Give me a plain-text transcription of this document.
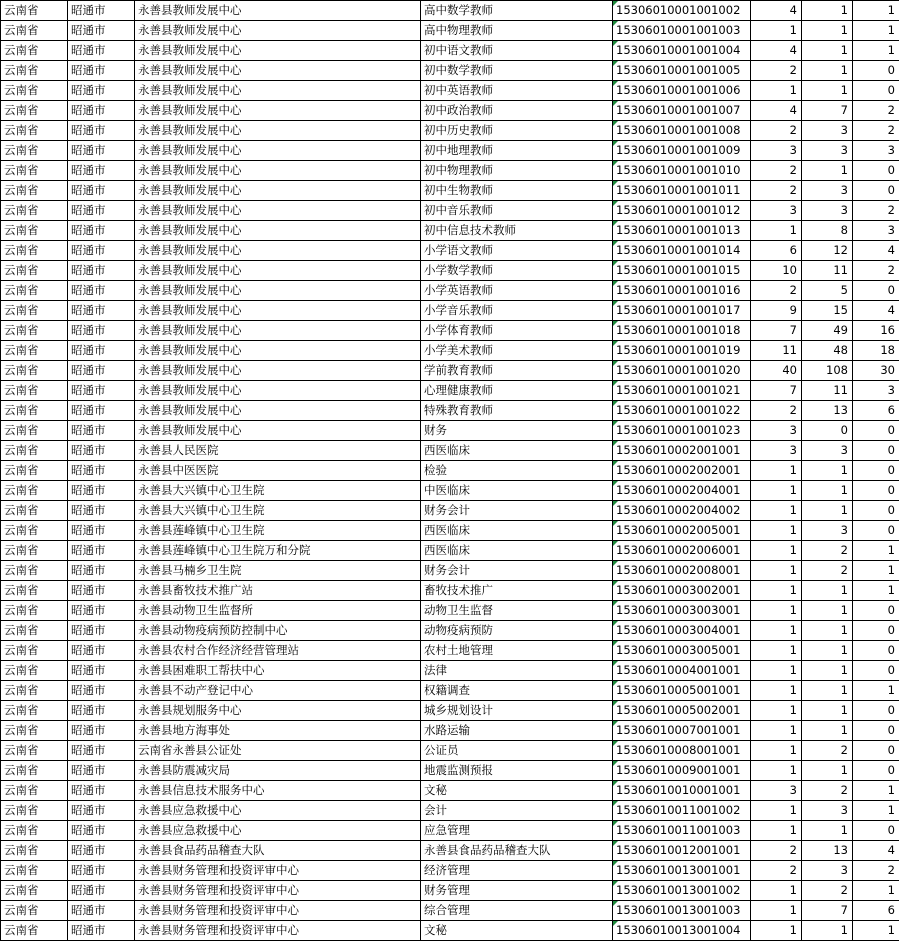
云南省	昭通市	永善县教师发展中心	高中数学教师	15306010001001002	4	1	1
云南省	昭通市	永善县教师发展中心	高中物理教师	15306010001001003	1	1	1
云南省	昭通市	永善县教师发展中心	初中语文教师	15306010001001004	4	1	1
云南省	昭通市	永善县教师发展中心	初中数学教师	15306010001001005	2	1	0
云南省	昭通市	永善县教师发展中心	初中英语教师	15306010001001006	1	1	0
云南省	昭通市	永善县教师发展中心	初中政治教师	15306010001001007	4	7	2
云南省	昭通市	永善县教师发展中心	初中历史教师	15306010001001008	2	3	2
云南省	昭通市	永善县教师发展中心	初中地理教师	15306010001001009	3	3	3
云南省	昭通市	永善县教师发展中心	初中物理教师	15306010001001010	2	1	0
云南省	昭通市	永善县教师发展中心	初中生物教师	15306010001001011	2	3	0
云南省	昭通市	永善县教师发展中心	初中音乐教师	15306010001001012	3	3	2
云南省	昭通市	永善县教师发展中心	初中信息技术教师	15306010001001013	1	8	3
云南省	昭通市	永善县教师发展中心	小学语文教师	15306010001001014	6	12	4
云南省	昭通市	永善县教师发展中心	小学数学教师	15306010001001015	10	11	2
云南省	昭通市	永善县教师发展中心	小学英语教师	15306010001001016	2	5	0
云南省	昭通市	永善县教师发展中心	小学音乐教师	15306010001001017	9	15	4
云南省	昭通市	永善县教师发展中心	小学体育教师	15306010001001018	7	49	16
云南省	昭通市	永善县教师发展中心	小学美术教师	15306010001001019	11	48	18
云南省	昭通市	永善县教师发展中心	学前教育教师	15306010001001020	40	108	30
云南省	昭通市	永善县教师发展中心	心理健康教师	15306010001001021	7	11	3
云南省	昭通市	永善县教师发展中心	特殊教育教师	15306010001001022	2	13	6
云南省	昭通市	永善县教师发展中心	财务	15306010001001023	3	0	0
云南省	昭通市	永善县人民医院	西医临床	15306010002001001	3	3	0
云南省	昭通市	永善县中医医院	检验	15306010002002001	1	1	0
云南省	昭通市	永善县大兴镇中心卫生院	中医临床	15306010002004001	1	1	0
云南省	昭通市	永善县大兴镇中心卫生院	财务会计	15306010002004002	1	1	0
云南省	昭通市	永善县莲峰镇中心卫生院	西医临床	15306010002005001	1	3	0
云南省	昭通市	永善县莲峰镇中心卫生院万和分院	西医临床	15306010002006001	1	2	1
云南省	昭通市	永善县马楠乡卫生院	财务会计	15306010002008001	1	2	1
云南省	昭通市	永善县畜牧技术推广站	畜牧技术推广	15306010003002001	1	1	1
云南省	昭通市	永善县动物卫生监督所	动物卫生监督	15306010003003001	1	1	0
云南省	昭通市	永善县动物疫病预防控制中心	动物疫病预防	15306010003004001	1	1	0
云南省	昭通市	永善县农村合作经济经营管理站	农村土地管理	15306010003005001	1	1	0
云南省	昭通市	永善县困难职工帮扶中心	法律	15306010004001001	1	1	0
云南省	昭通市	永善县不动产登记中心	权籍调查	15306010005001001	1	1	1
云南省	昭通市	永善县规划服务中心	城乡规划设计	15306010005002001	1	1	0
云南省	昭通市	永善县地方海事处	水路运输	15306010007001001	1	1	0
云南省	昭通市	云南省永善县公证处	公证员	15306010008001001	1	2	0
云南省	昭通市	永善县防震减灾局	地震监测预报	15306010009001001	1	1	0
云南省	昭通市	永善县信息技术服务中心	文秘	15306010010001001	3	2	1
云南省	昭通市	永善县应急救援中心	会计	15306010011001002	1	3	1
云南省	昭通市	永善县应急救援中心	应急管理	15306010011001003	1	1	0
云南省	昭通市	永善县食品药品稽查大队	永善县食品药品稽查大队	15306010012001001	2	13	4
云南省	昭通市	永善县财务管理和投资评审中心	经济管理	15306010013001001	2	3	2
云南省	昭通市	永善县财务管理和投资评审中心	财务管理	15306010013001002	1	2	1
云南省	昭通市	永善县财务管理和投资评审中心	综合管理	15306010013001003	1	7	6
云南省	昭通市	永善县财务管理和投资评审中心	文秘	15306010013001004	1	1	1
